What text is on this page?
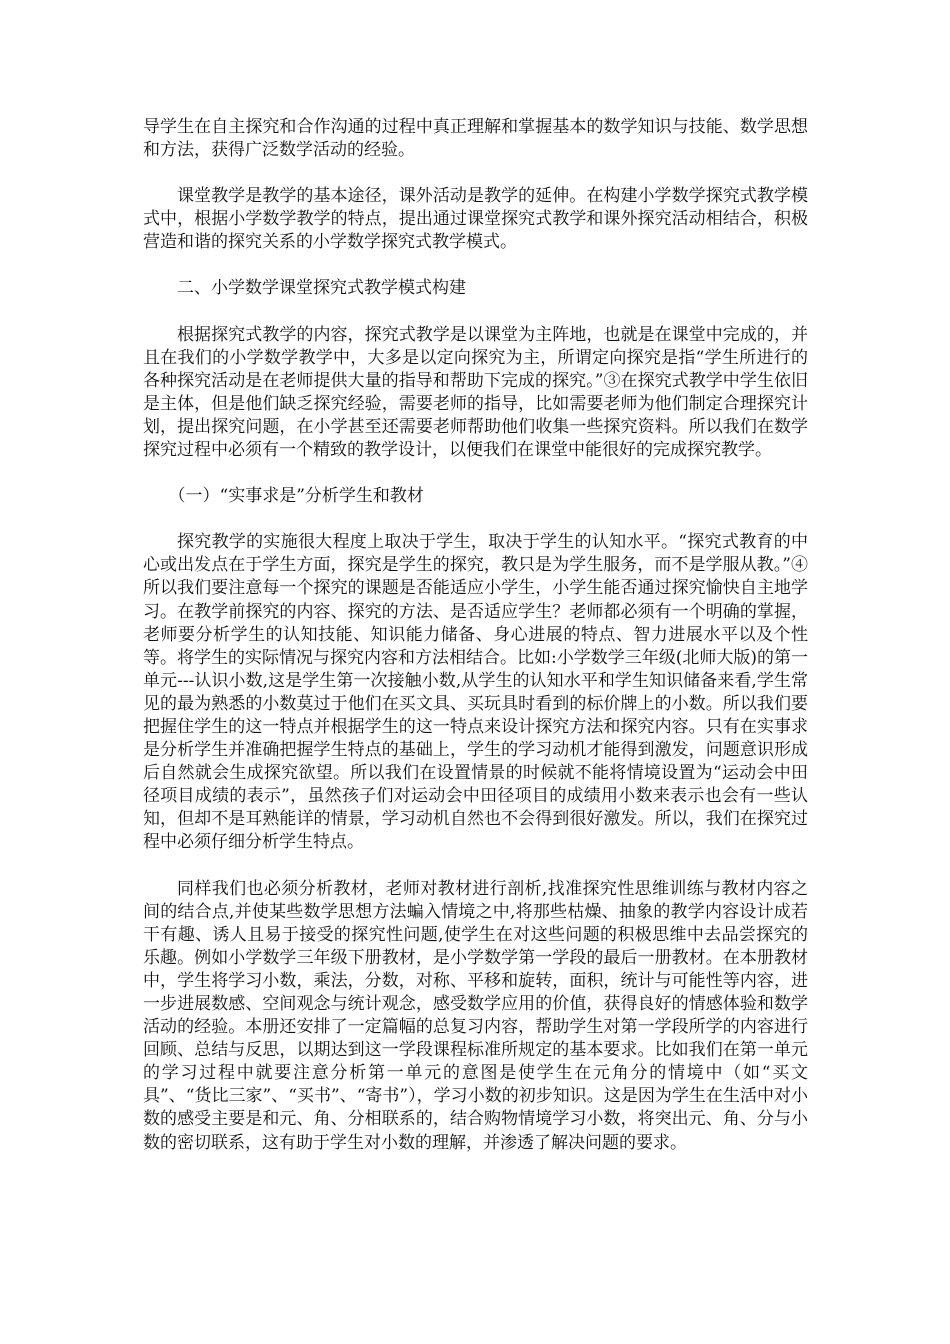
导学生在自主探究和合作沟通的过程中真正理解和掌握基本的数学知识与技能、数学思想和方法，获得广泛数学活动的经验。

课堂教学是教学的基本途径，课外活动是教学的延伸。在构建小学数学探究式教学模式中，根据小学数学教学的特点，提出通过课堂探究式教学和课外探究活动相结合，积极营造和谐的探究关系的小学数学探究式教学模式。

二、小学数学课堂探究式教学模式构建

根据探究式教学的内容，探究式教学是以课堂为主阵地，也就是在课堂中完成的，并且在我们的小学数学教学中，大多是以定向探究为主，所谓定向探究是指“学生所进行的各种探究活动是在老师提供大量的指导和帮助下完成的探究。”③在探究式教学中学生依旧是主体，但是他们缺乏探究经验，需要老师的指导，比如需要老师为他们制定合理探究计划，提出探究问题，在小学甚至还需要老师帮助他们收集一些探究资料。所以我们在数学探究过程中必须有一个精致的教学设计，以便我们在课堂中能很好的完成探究教学。

（一）“实事求是”分析学生和教材

探究教学的实施很大程度上取决于学生，取决于学生的认知水平。“探究式教育的中心或出发点在于学生方面，探究是学生的探究，教只是为学生服务，而不是学服从教。”④所以我们要注意每一个探究的课题是否能适应小学生，小学生能否通过探究愉快自主地学习。在教学前探究的内容、探究的方法、是否适应学生？老师都必须有一个明确的掌握，老师要分析学生的认知技能、知识能力储备、身心进展的特点、智力进展水平以及个性等。将学生的实际情况与探究内容和方法相结合。比如:小学数学三年级(北师大版)的第一单元---认识小数,这是学生第一次接触小数,从学生的认知水平和学生知识储备来看,学生常见的最为熟悉的小数莫过于他们在买文具、买玩具时看到的标价牌上的小数。所以我们要把握住学生的这一特点并根据学生的这一特点来设计探究方法和探究内容。只有在实事求是分析学生并准确把握学生特点的基础上，学生的学习动机才能得到激发，问题意识形成后自然就会生成探究欲望。所以我们在设置情景的时候就不能将情境设置为“运动会中田径项目成绩的表示”，虽然孩子们对运动会中田径项目的成绩用小数来表示也会有一些认知，但却不是耳熟能详的情景，学习动机自然也不会得到很好激发。所以，我们在探究过程中必须仔细分析学生特点。

同样我们也必须分析教材，老师对教材进行剖析,找准探究性思维训练与教材内容之间的结合点,并使某些数学思想方法蝙入情境之中,将那些枯燥、抽象的教学内容设计成若干有趣、诱人且易于接受的探究性问题,使学生在对这些问题的积极思维中去品尝探究的乐趣。例如小学数学三年级下册教材，是小学数学第一学段的最后一册教材。在本册教材中，学生将学习小数，乘法，分数，对称、平移和旋转，面积，统计与可能性等内容，进一步进展数感、空间观念与统计观念，感受数学应用的价值，获得良好的情感体验和数学活动的经验。本册还安排了一定篇幅的总复习内容，帮助学生对第一学段所学的内容进行回顾、总结与反思，以期达到这一学段课程标准所规定的基本要求。比如我们在第一单元的学习过程中就要注意分析第一单元的意图是使学生在元角分的情境中（如“买文具”、“货比三家”、“买书”、“寄书”），学习小数的初步知识。这是因为学生在生活中对小数的感受主要是和元、角、分相联系的，结合购物情境学习小数，将突出元、角、分与小数的密切联系，这有助于学生对小数的理解，并渗透了解决问题的要求。
